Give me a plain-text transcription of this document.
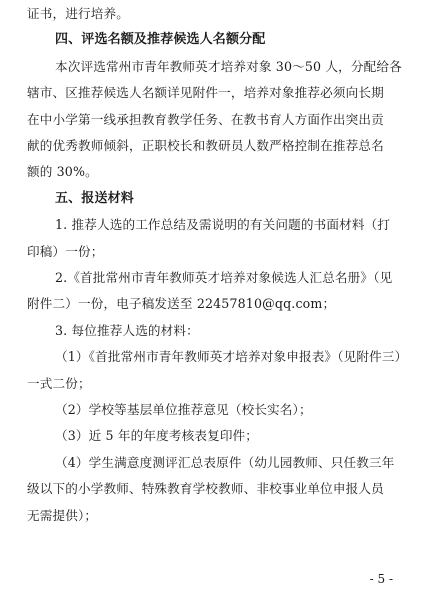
证书，进行培养。
四、评选名额及推荐候选人名额分配
本次评选常州市青年教师英才培养对象 30～50 人，分配给各
辖市、区推荐候选人名额详见附件一，培养对象推荐必须向长期
在中小学第一线承担教育教学任务、在教书育人方面作出突出贡
献的优秀教师倾斜，正职校长和教研员人数严格控制在推荐总名
额的 30%。
五、报送材料
1. 推荐人选的工作总结及需说明的有关问题的书面材料（打
印稿）一份；
2.《首批常州市青年教师英才培养对象候选人汇总名册》（见
附件二）一份，电子稿发送至 22457810@qq.com；
3. 每位推荐人选的材料：
（1）《首批常州市青年教师英才培养对象申报表》（见附件三）
一式二份；
（2）学校等基层单位推荐意见（校长实名）；
（3）近 5 年的年度考核表复印件；
（4）学生满意度测评汇总表原件（幼儿园教师、只任教三年
级以下的小学教师、特殊教育学校教师、非校事业单位申报人员
无需提供）；
- 5 -
